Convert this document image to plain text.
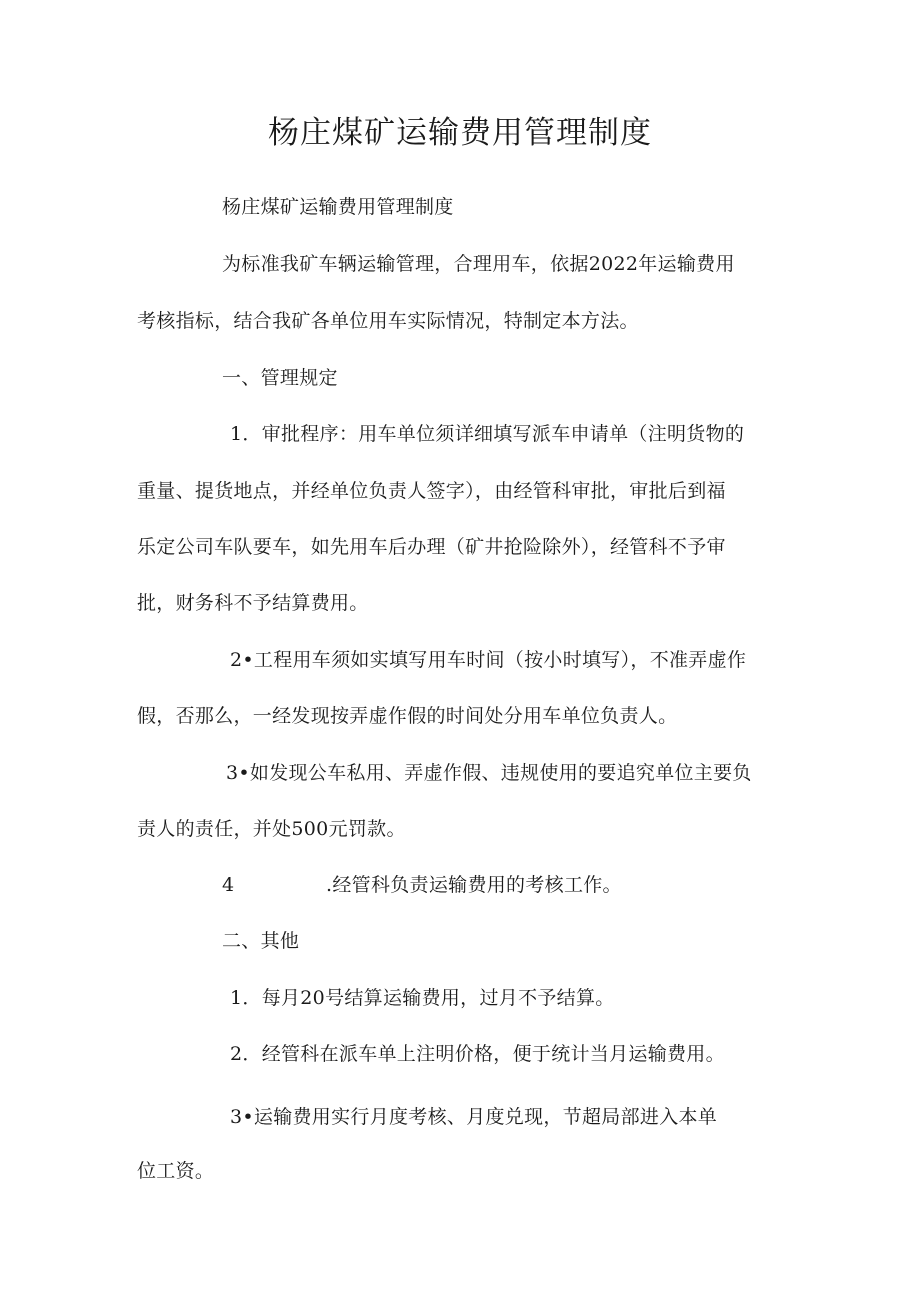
杨庄煤矿运输费用管理制度
杨庄煤矿运输费用管理制度
为标准我矿车辆运输管理，合理用车，依据2022年运输费用
考核指标，结合我矿各单位用车实际情况，特制定本方法。
一、管理规定
1．审批程序：用车单位须详细填写派车申请单（注明货物的
重量、提货地点，并经单位负责人签字），由经管科审批，审批后到福
乐定公司车队要车，如先用车后办理（矿井抢险除外），经管科不予审
批，财务科不予结算费用。
2•工程用车须如实填写用车时间（按小时填写），不准弄虚作
假，否那么，一经发现按弄虚作假的时间处分用车单位负责人。
3•如发现公车私用、弄虚作假、违规使用的要追究单位主要负
责人的责任，并处500元罚款。
4	.经管科负责运输费用的考核工作。
二、其他
1．每月20号结算运输费用，过月不予结算。
2．经管科在派车单上注明价格，便于统计当月运输费用。
3•运输费用实行月度考核、月度兑现，节超局部进入本单
位工资。
